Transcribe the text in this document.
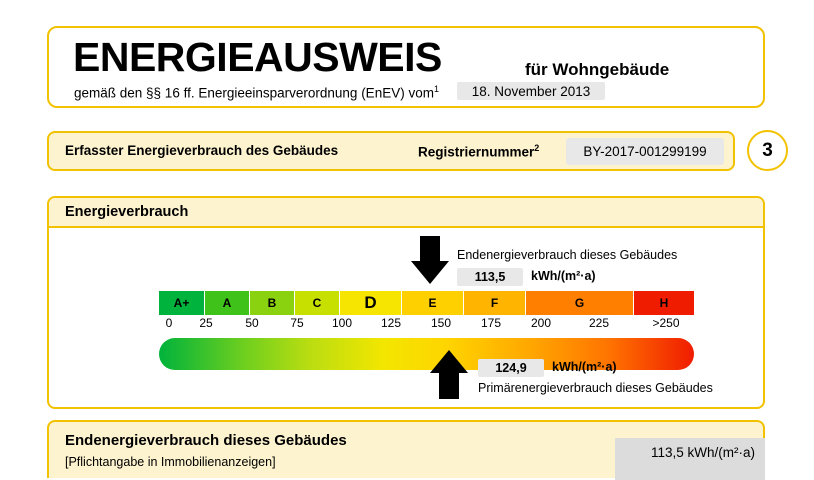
ENERGIEAUSWEIS	für Wohngebäude
gemäß den §§ 16 ff. Energieeinsparverordnung (EnEV) vom$^1$	18. November 2013
Erfasster Energieverbrauch des Gebäudes	Registriernummer$^2$	BY-2017-001299199	3
Energieverbrauch
Endenergieverbrauch dieses Gebäudes
113,5	kWh/(m²·a)
A+	A	B	C	D	E	F	G	H
0	25	50	75	100	125	150	175	200	225	>250
124,9	kWh/(m²·a)
Primärenergieverbrauch dieses Gebäudes
Endenergieverbrauch dieses Gebäudes
[Pflichtangabe in Immobilienanzeigen]
113,5 kWh/(m²·a)
